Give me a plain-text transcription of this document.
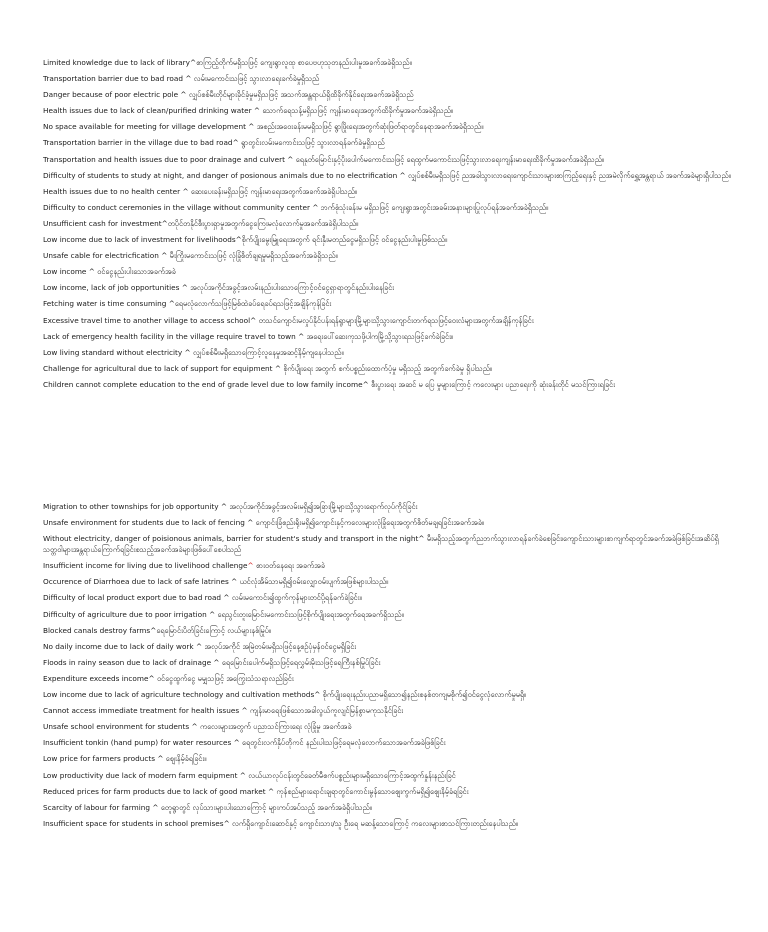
Limited knowledge due to lack of library^စာကြည့်တိုက်မရှိသဖြင့် ကျေးရွာလူထု စာပေဗဟုသုတနည်းပါးမှုအခက်အခဲရှိသည်။
Transportation barrier due to bad road ^ လမ်းမကောင်းသဖြင့် သွားလာရေးခက်ခဲမှုရှိသည်
Danger because of poor electric pole ^ လျှပ်စစ်မီးတိုင်များခိုင်ခံ့မှုမရှိသဖြင့် အသက်အန္တရာယ်ရှိထိခိုက်နိုင်ရေးအခက်အခဲရှိသည်
Health issues due to lack of clean/purified drinking water ^ သောက်ရေသန့်မရှိသဖြင့် ကျန်းမာရေးအတွက်ထိခိုက်မှုအခက်အခဲရှိသည်။
No space available for meeting for village development ^ အစည်းအဝေးခန်းမမရှိသဖြင့် ရွာဖြိုးရေးအတွက်ဆုံးဖြတ်ရာတွင်နေရာအခက်အခဲရှိသည်။
Transportation barrier in the village due to bad road^ ရွာတွင်းလမ်းမကောင်းသဖြင့် သွားလာရန်ခက်ခဲမှုရှိသည်
Transportation and health issues due to poor drainage and culvert ^ ရေနုတ်မြောင်းနှင့်ပိုးပေါက်မကောင်းသဖြင့် ရေထွက်မကောင်းသဖြင့်သွားလာရေးကျန်းမာရေးထိခိုက်မှုအခက်အခဲရှိသည်။
Difficulty of students to study at night, and danger of posionous animals due to no electrification ^ လျှပ်စစ်မီးမရှိသဖြင့် ညအခါသွားလာရေးကျောင်းသားများစာကြည့်ရေးနှင့် ညအမဲလိုက်ရွှေ့အန္တရာယ် အခက်အခဲများရှိပါသည်။
Health issues due to no health center ^ ဆေးပေးခန်းမရှိသဖြင့် ကျန်းမာရေးအတွက်အခက်အခဲရှိပါသည်။
Difficulty to conduct ceremonies in the village without community center ^ ဘက်စုံသုံးခန်းမ မရှိသဖြင့် ကျေးရွာအတွင်းအခမ်းအနားများပြုလုပ်ရန်အခက်အခဲရှိသည်။
Unsufficient cash for investment^တပိုင်တနိုင်စီးပွားရှာမှုအတွက်ငွေကြေးမလုံလောက်မှုအခက်အခဲရှိပါသည်။
Low income due to lack of investment for livelihoods^စိုက်ပျိုးမွေးမြူရေးအတွက် ရင်းနှီးမတည်ငွေမရှိသဖြင့် ဝင်ငွေနည်းပါးမှုဖြစ်သည်။
Unsafe cable for electricfication ^ မီးကြိုးမကောင်းသဖြင့် လုံခြုံစိတ်ချရမှုမရှိသည့်အခက်အခဲရှိသည်။
Low income ^ ဝင်ငွေနည်းပါးသောအခက်အခဲ
Low income, lack of job opportunities ^ အလုပ်အကိုင်အခွင့်အလမ်းနည်းပါးသောကြောင့်ဝင်ငွေရှာရာတွင်နည်းပါးနေခြင်း
Fetching water is time consuming ^ရေမလုံလောက်သဖြင့်မြစ်ထဲခပ်ရေခပ်ရသဖြင့်အချိန်ကုန်ခြင်း
Excessive travel time to another village to access school^ တသင်ကျောင်းမလှုပ်နိုင်ပန်းရန်ရွာများမြို့များသို့သွားကျောင်းတက်ရသဖြင့်ဝေးလံများအတွက်အချိန်ကုန်ခြင်း
Lack of emergency health facility in the village require travel to town ^ အရေးပေါ်ဆေးကုသဖို့ပါကမြို့သို့သွားရသဖြင့်ခက်ခဲခြင်း။
Low living standard without electricity ^ လျှပ်စစ်မီးမရှိသောကြောင့်လူနေမှုအဆင့်နိမ့်ကျနေပါသည်။
Challenge for agricultural due to lack of support for equipment ^ စိုက်ပျိုးရေး အတွက် စက်ပစ္စည်းထောက်ပံ့မှု မရှိသည့် အတွက်ခက်ခဲမှု ရှိပါသည်။
Children cannot complete education to the end of grade level due to low family income^ စီးပွားရေး အဆင် မ ပြေ မှုများကြောင့် ကလေးများ ပညာရေးကို ဆုံးခန်းတိုင် မသင်ကြားရခြင်း
Migration to other townships for job opportunity ^ အလုပ်အကိုင်အခွင့်အလမ်းမရှိ၍အခြားမြို့များသို့သွားရောက်လုပ်ကိုင်ခြင်း
Unsafe environment for students due to lack of fencing ^ ကျောင်းခြံစည်းရိုးမရှိ၍ကျောင်းနှင့်ကလေးများလုံခြုံရေးအတွက်စိတ်မချရခြင်းအခက်အခဲ။
Without electricity, danger of poisionous animals, barrier for student's study and transport in the night^ မီးမရှိသည့်အတွက်ညဘက်သွားလာရန်ခက်ခဲစေခြင်း၊ကျောင်းသားများစာကျက်ရာတွင်အခက်အခဲဖြစ်ခြင်းအဆိပ်ရှိသတ္တဝါများအန္တရာယ်ကြောက်ရခြင်းစသည့်အခက်အခဲများဖြစ်ပေါ်စေပါသည်
Insufficient income for living due to livelihood challenge^ စားဝတ်နေရေး အခက်အခဲ
Occurence of Diarrhoea due to lack of safe latrines ^ ယင်လုံအိမ်သာမရှိ၍ဝမ်းလျှောဝမ်းပျက်အဖြစ်များပါသည်။
Difficulty of local product export due to bad road ^ လမ်းမကောင်း၍ထွက်ကုန်များတင်ပို့ရန်ခက်ခဲခြင်း။
Difficulty of agriculture due to poor irrigation ^ ရေသွင်းတူးမြောင်းမကောင်းသဖြင့်စိုက်ပျိုးရေးအတွက်ရေအခက်ရှိသည်။
Blocked canals destroy farms^ရေမြောင်းပိတ်ခြင်းကြောင့် လယ်များနစ်မြုပ်။
No daily income due to lack of daily work ^ အလုပ်အကိုင် အမြဲတမ်းမရှိသဖြင့်နေ့စဉ်ပုံမှန်ဝင်ငွေမရှိခြင်း
Floods in rainy season due to lack of drainage ^ ရေမြောင်းပေါက်မရှိသဖြင့်ရေလွှမ်းမိုးသဖြင့်ရေကြီးနစ်မြုပ်ခြင်း
Expenditure exceeds income^ ဝင်ငွေထွက်ငွေ မမျှသဖြင့် အကြွေးသံသရာလည်ခြင်း
Low income due to lack of agriculture technology and cultivation methods^ စိုက်ပျိုးရေးနည်းပညာမရှိသော၍နည်းစနစ်တကျမစိုက်၍ဝင်ငွေလုံလောက်မှုမရှိ။
Cannot access immediate treatment for health issues ^ ကျန်းမာရေးဖြစ်သောအခါလွယ်ကူလျင်မြန်စွာမကုသနိုင်ခြင်း
Unsafe school environment for students ^ ကလေးများအတွက် ပညာသင်ကြားရေး လုံခြုံမှု အခက်အခဲ
Insufficient tonkin (hand pump) for water resources ^ ရေတွင်းလက်နှိပ်တိုကင် နည်းပါးသဖြင့်ရေမလုံလောက်သောအခက်အခဲဖြစ်ခြင်း
Low price for farmers products ^ ဈေးနိမ့်ခံရခြင်း။
Low productivity due lack of modern farm equipment ^ လယ်ယာလုပ်ငန်းတွင်ခေတ်မီစက်ပစ္စည်းများမရှိသောကြောင့်အထွက်နှုန်းနည်းခြင်
Reduced prices for farm products due to lack of good market ^ ကုန်စည်များရောင်းချရာတွင်ကောင်းမွန်သောဈေးကွက်မရှိ၍ဈေးနိမ့်ခံရခြင်း
Scarcity of labour for farming ^ တေူရွာတွင် လုပ်သားများပါးသောကြောင့် များကပ်အပ်သည့် အခက်အခဲရှိပါသည်။
Insufficient space for students in school premises^ လက်ရှိကျောင်းဆောင်နှင့် ကျောင်းသား/သူ ဦးရေ မဆန့်သောကြောင့် ကလေးများစာသင်ကြားတည်းနေပါသည်။
